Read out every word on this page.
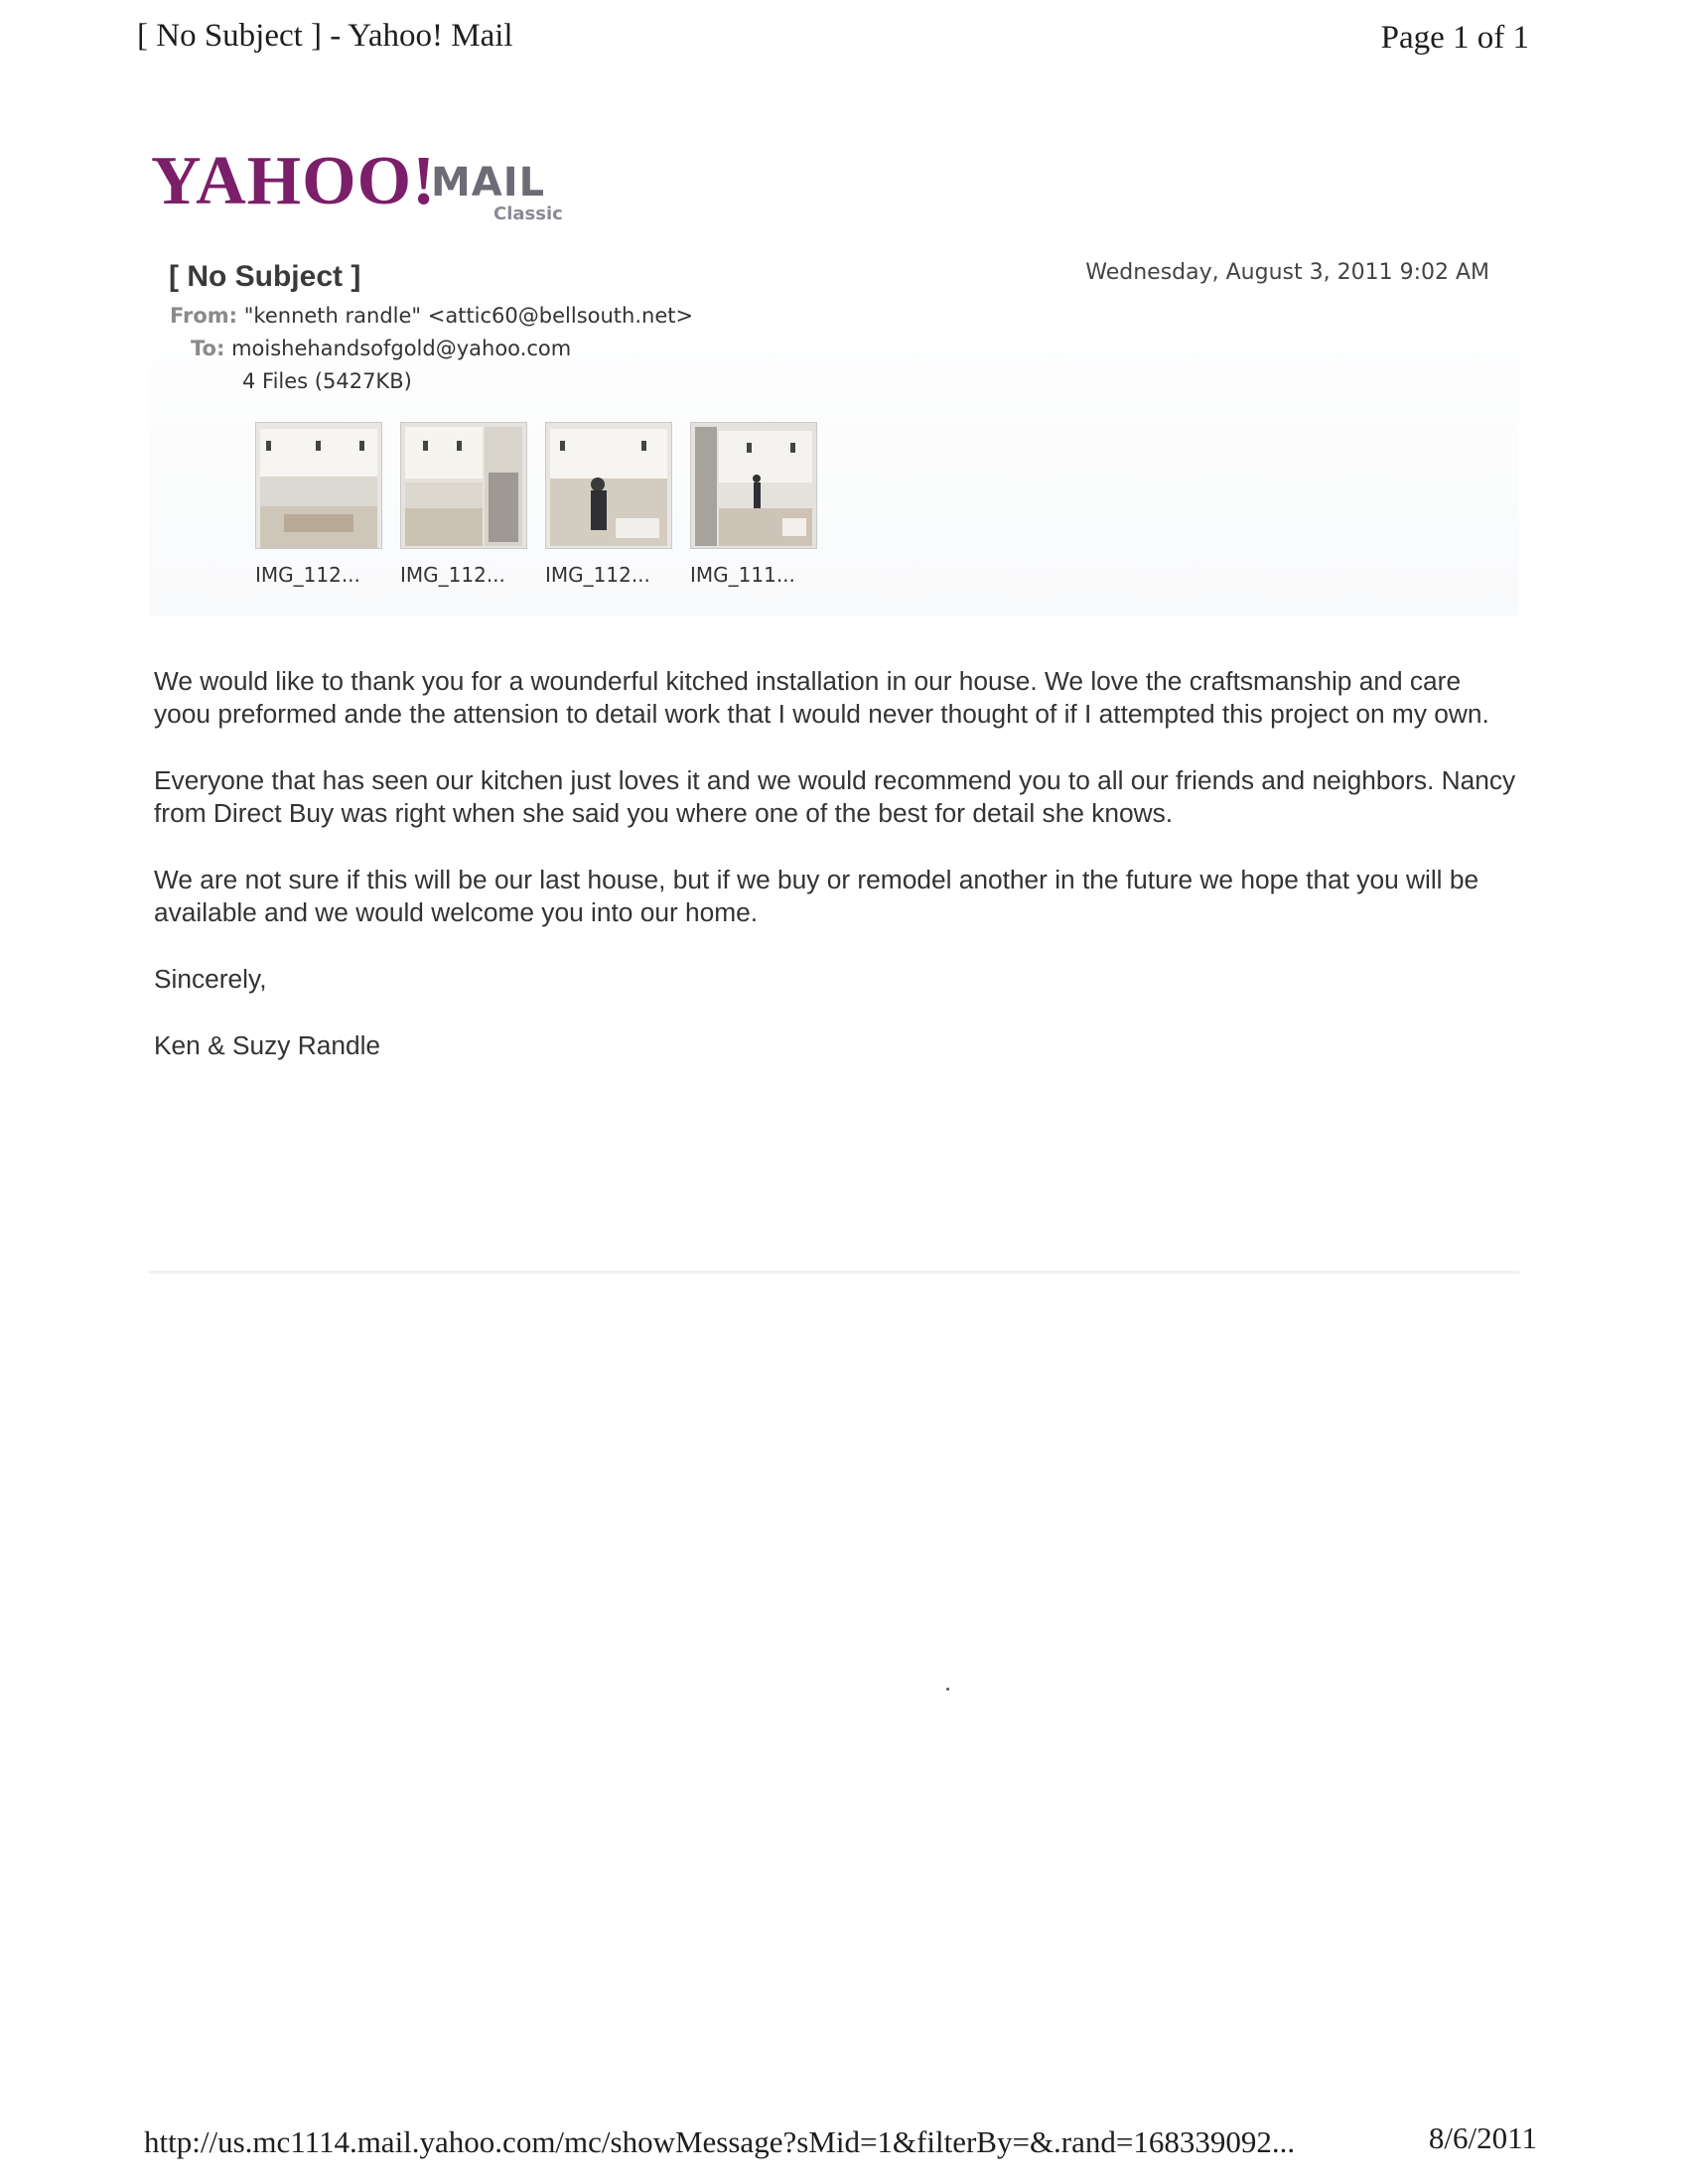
[ No Subject ] - Yahoo! Mail	Page 1 of 1
YAHOO!
MAIL
Classic
[ No Subject ]	Wednesday, August 3, 2011 9:02 AM
From: "kenneth randle" <attic60@bellsouth.net>
To: moishehandsofgold@yahoo.com
4 Files (5427KB)
IMG_112...	IMG_112...	IMG_112...	IMG_111...

We would like to thank you for a wounderful kitched installation in our house. We love the craftsmanship and care yoou preformed ande the attension to detail work that I would never thought of if I attempted this project on my own.

Everyone that has seen our kitchen just loves it and we would recommend you to all our friends and neighbors. Nancy from Direct Buy was right when she said you where one of the best for detail she knows.

We are not sure if this will be our last house, but if we buy or remodel another in the future we hope that you will be available and we would welcome you into our home.

Sincerely,

Ken & Suzy Randle

http://us.mc1114.mail.yahoo.com/mc/showMessage?sMid=1&filterBy=&.rand=168339092...	8/6/2011
